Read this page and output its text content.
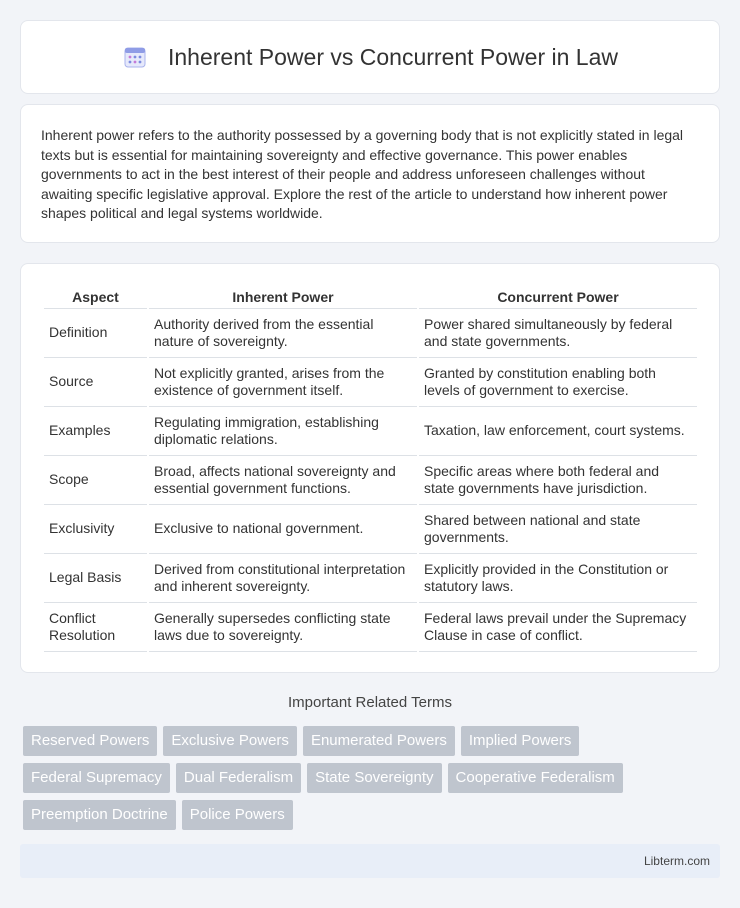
Inherent Power vs Concurrent Power in Law

Inherent power refers to the authority possessed by a governing body that is not explicitly stated in legal texts but is essential for maintaining sovereignty and effective governance. This power enables governments to act in the best interest of their people and address unforeseen challenges without awaiting specific legislative approval. Explore the rest of the article to understand how inherent power shapes political and legal systems worldwide.

Aspect	Inherent Power	Concurrent Power
Definition	Authority derived from the essential nature of sovereignty.	Power shared simultaneously by federal and state governments.
Source	Not explicitly granted, arises from the existence of government itself.	Granted by constitution enabling both levels of government to exercise.
Examples	Regulating immigration, establishing diplomatic relations.	Taxation, law enforcement, court systems.
Scope	Broad, affects national sovereignty and essential government functions.	Specific areas where both federal and state governments have jurisdiction.
Exclusivity	Exclusive to national government.	Shared between national and state governments.
Legal Basis	Derived from constitutional interpretation and inherent sovereignty.	Explicitly provided in the Constitution or statutory laws.
Conflict Resolution	Generally supersedes conflicting state laws due to sovereignty.	Federal laws prevail under the Supremacy Clause in case of conflict.
Important Related Terms
Reserved Powers	Exclusive Powers	Enumerated Powers	Implied Powers
Federal Supremacy	Dual Federalism	State Sovereignty	Cooperative Federalism
Preemption Doctrine	Police Powers
Libterm.com
